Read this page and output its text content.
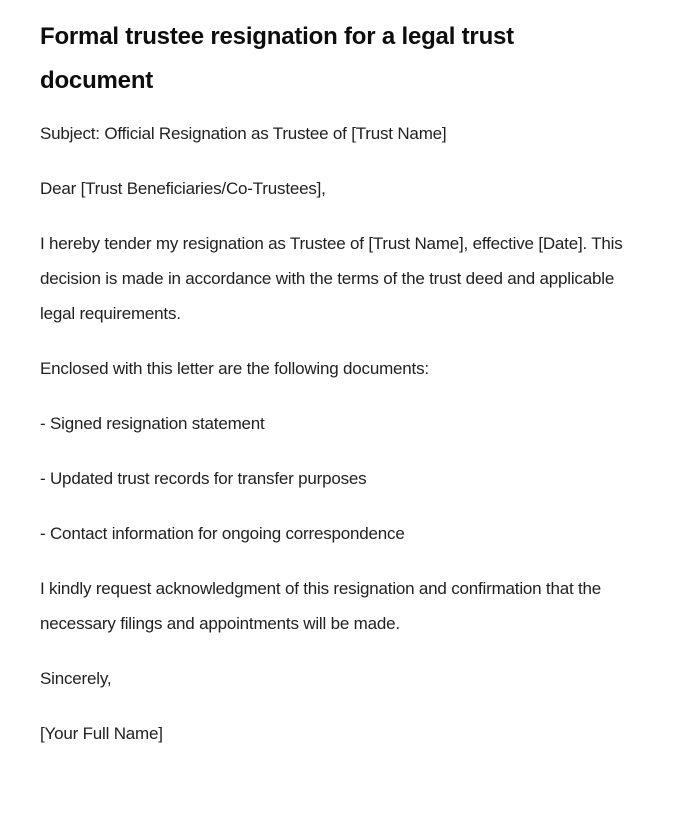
Formal trustee resignation for a legal trust document

Subject: Official Resignation as Trustee of [Trust Name]

Dear [Trust Beneficiaries/Co-Trustees],

I hereby tender my resignation as Trustee of [Trust Name], effective [Date]. This decision is made in accordance with the terms of the trust deed and applicable legal requirements.

Enclosed with this letter are the following documents:

- Signed resignation statement

- Updated trust records for transfer purposes

- Contact information for ongoing correspondence

I kindly request acknowledgment of this resignation and confirmation that the necessary filings and appointments will be made.

Sincerely,

[Your Full Name]
